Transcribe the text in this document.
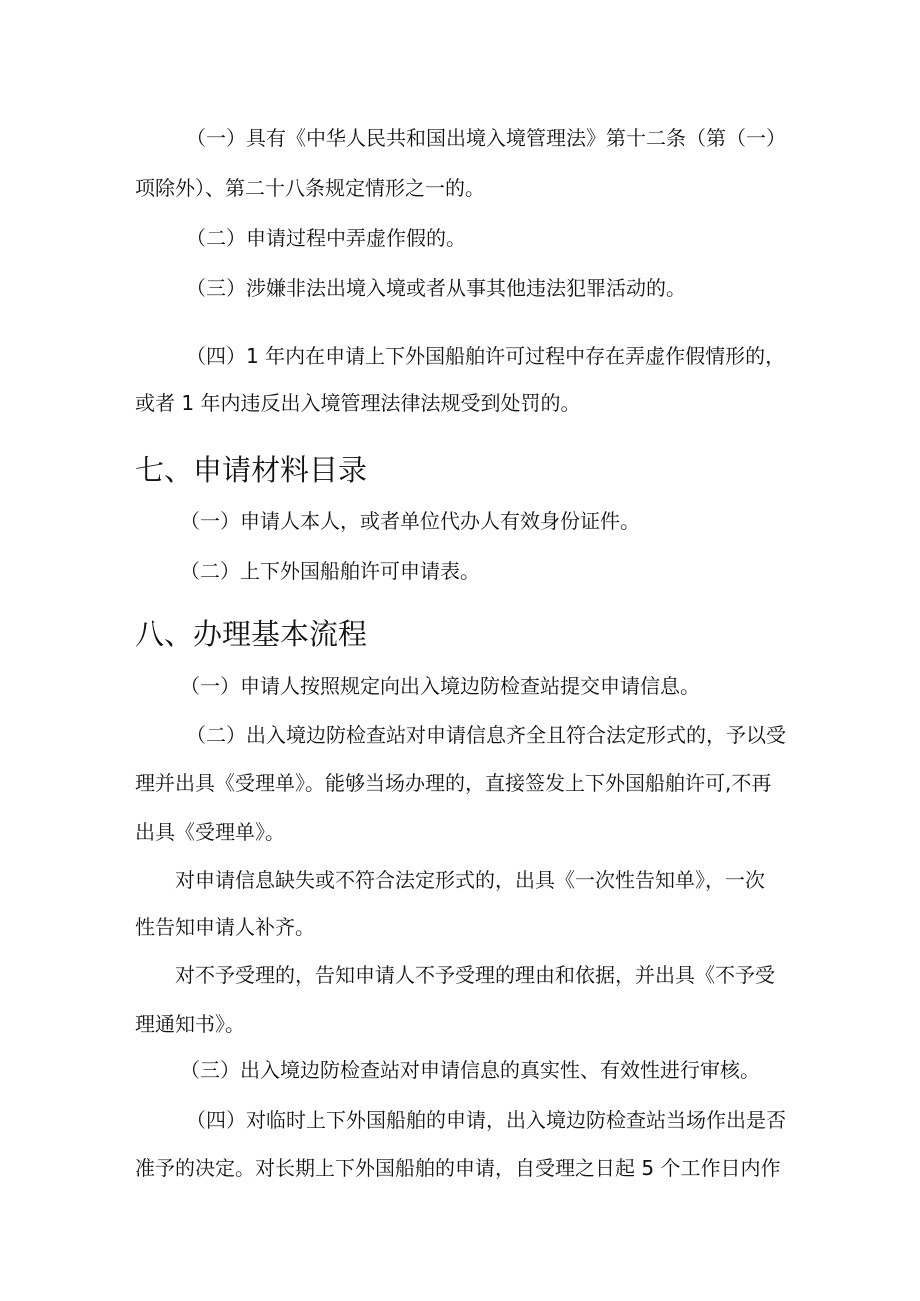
（一）具有《中华人民共和国出境入境管理法》第十二条（第（一）
项除外）、第二十八条规定情形之一的。
（二）申请过程中弄虚作假的。
（三）涉嫌非法出境入境或者从事其他违法犯罪活动的。
（四）1 年内在申请上下外国船舶许可过程中存在弄虚作假情形的，
或者 1 年内违反出入境管理法律法规受到处罚的。
七、申请材料目录
（一）申请人本人，或者单位代办人有效身份证件。
（二）上下外国船舶许可申请表。
八、办理基本流程
（一）申请人按照规定向出入境边防检查站提交申请信息。
（二）出入境边防检查站对申请信息齐全且符合法定形式的，予以受
理并出具《受理单》。能够当场办理的，直接签发上下外国船舶许可,不再
出具《受理单》。
对申请信息缺失或不符合法定形式的，出具《一次性告知单》，一次
性告知申请人补齐。
对不予受理的，告知申请人不予受理的理由和依据，并出具《不予受
理通知书》。
（三）出入境边防检查站对申请信息的真实性、有效性进行审核。
（四）对临时上下外国船舶的申请，出入境边防检查站当场作出是否
准予的决定。对长期上下外国船舶的申请，自受理之日起 5 个工作日内作
